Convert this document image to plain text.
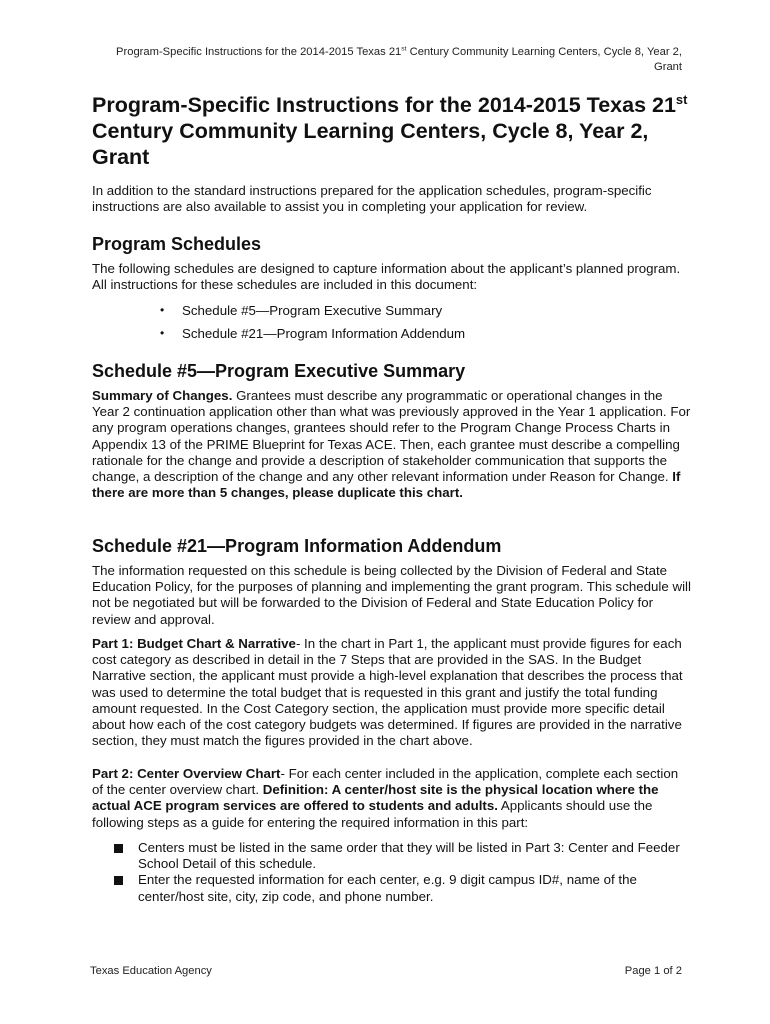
Program-Specific Instructions for the 2014-2015 Texas 21st Century Community Learning Centers, Cycle 8, Year 2,
Grant
Program-Specific Instructions for the 2014-2015 Texas 21st
Century Community Learning Centers, Cycle 8, Year 2,
Grant

In addition to the standard instructions prepared for the application schedules, program-specific instructions are also available to assist you in completing your application for review.

Program Schedules

The following schedules are designed to capture information about the applicant’s planned program. All instructions for these schedules are included in this document:

• Schedule #5—Program Executive Summary
• Schedule #21—Program Information Addendum
Schedule #5—Program Executive Summary

Summary of Changes. Grantees must describe any programmatic or operational changes in the Year 2 continuation application other than what was previously approved in the Year 1 application. For any program operations changes, grantees should refer to the Program Change Process Charts in Appendix 13 of the PRIME Blueprint for Texas ACE. Then, each grantee must describe a compelling rationale for the change and provide a description of stakeholder communication that supports the change, a description of the change and any other relevant information under Reason for Change. If there are more than 5 changes, please duplicate this chart.

Schedule #21—Program Information Addendum

The information requested on this schedule is being collected by the Division of Federal and State Education Policy, for the purposes of planning and implementing the grant program. This schedule will not be negotiated but will be forwarded to the Division of Federal and State Education Policy for review and approval.

Part 1: Budget Chart & Narrative- In the chart in Part 1, the applicant must provide figures for each cost category as described in detail in the 7 Steps that are provided in the SAS. In the Budget Narrative section, the applicant must provide a high-level explanation that describes the process that was used to determine the total budget that is requested in this grant and justify the total funding amount requested. In the Cost Category section, the application must provide more specific detail about how each of the cost category budgets was determined. If figures are provided in the narrative section, they must match the figures provided in the chart above.

Part 2: Center Overview Chart- For each center included in the application, complete each section of the center overview chart. Definition: A center/host site is the physical location where the actual ACE program services are offered to students and adults. Applicants should use the following steps as a guide for entering the required information in this part:

Centers must be listed in the same order that they will be listed in Part 3: Center and Feeder School Detail of this schedule.
Enter the requested information for each center, e.g. 9 digit campus ID#, name of the center/host site, city, zip code, and phone number.
Texas Education Agency	Page 1 of 2
